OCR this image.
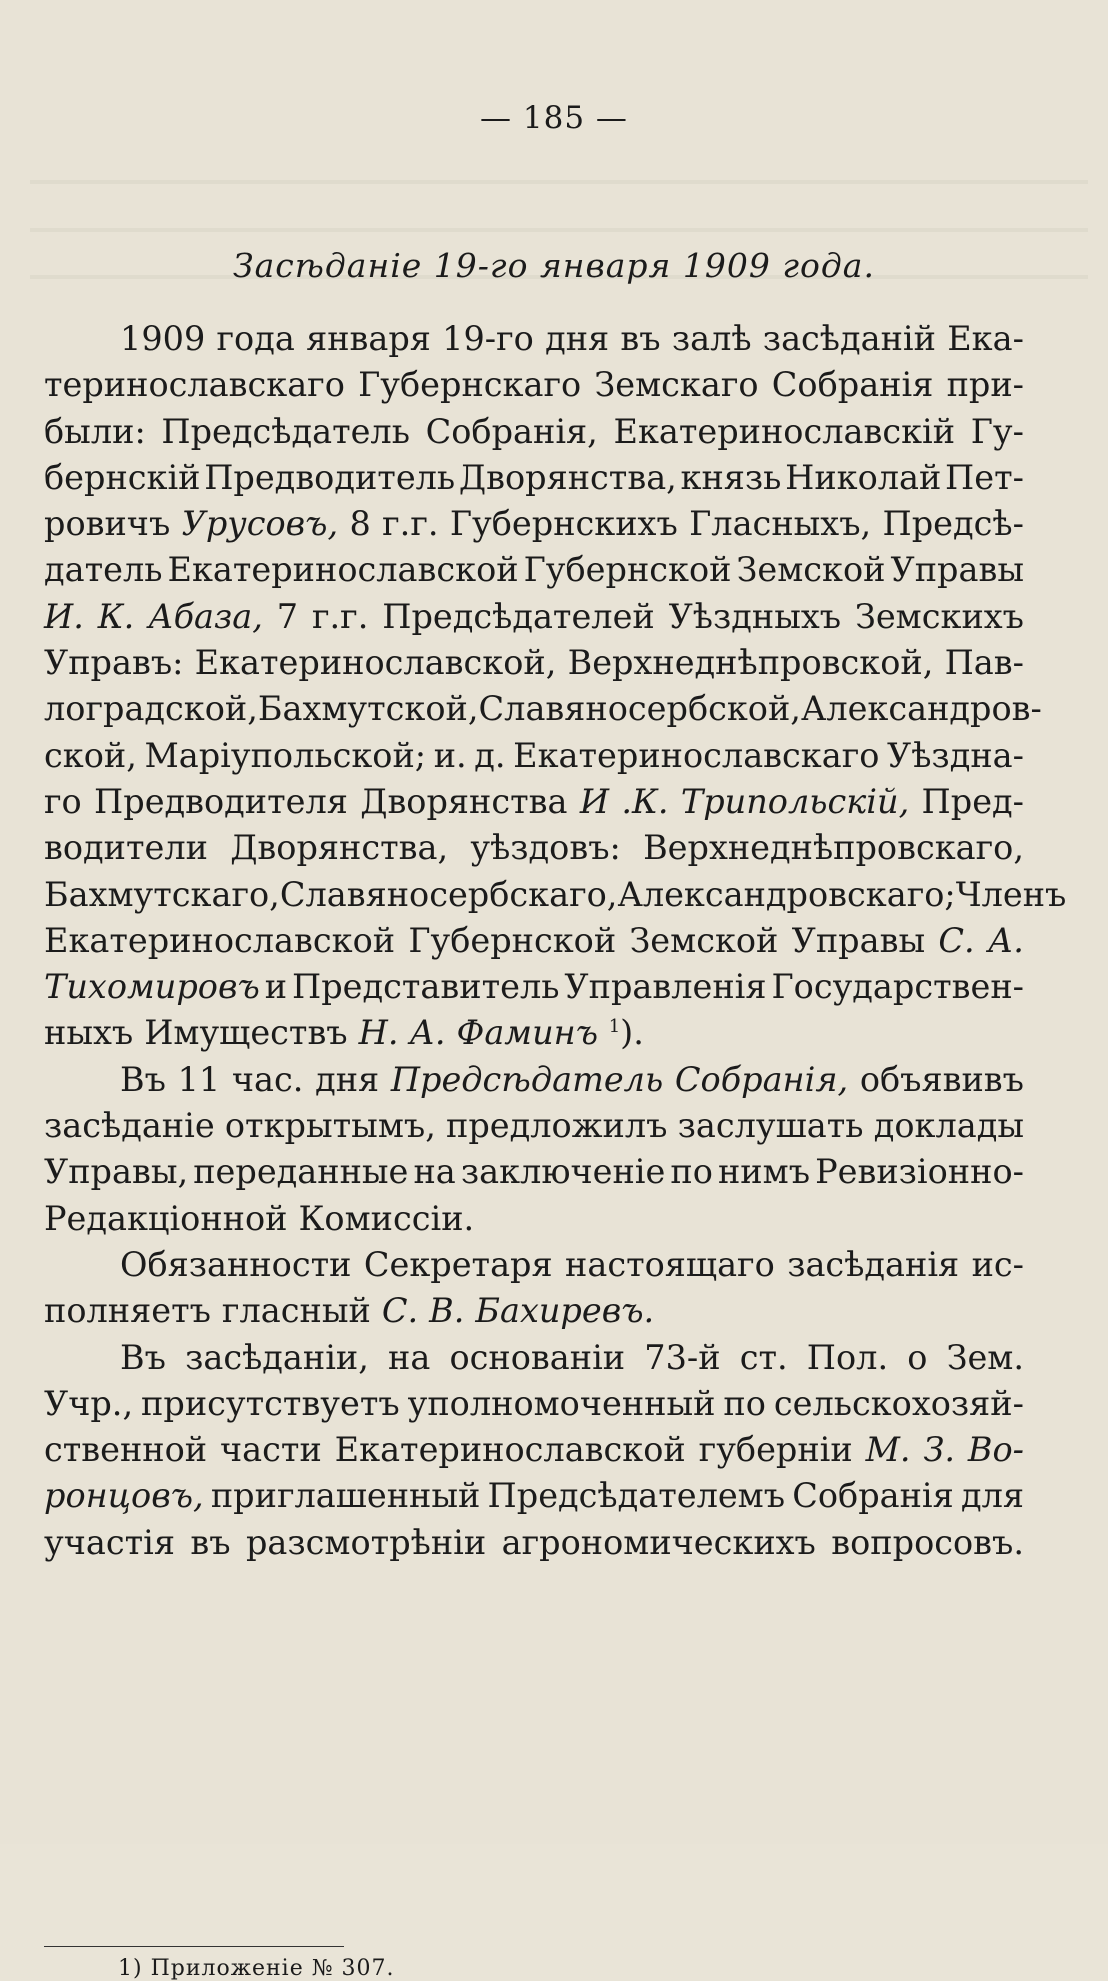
— 185 —
Засѣданіе 19-го января 1909 года.
1909 года января 19-го дня въ залѣ засѣданій Ека-
теринославскаго Губернскаго Земскаго Собранія при-
были: Предсѣдатель Собранія, Екатеринославскій Гу-
бернскій Предводитель Дворянства, князь Николай Пет-
ровичъ Урусовъ, 8 г.г. Губернскихъ Гласныхъ, Предсѣ-
датель Екатеринославской Губернской Земской Управы
И. К. Абаза, 7 г.г. Предсѣдателей Уѣздныхъ Земскихъ
Управъ: Екатеринославской, Верхнеднѣпровской, Пав-
лоградской, Бахмутской, Славяносербской, Александров-
ской, Маріупольской; и. д. Екатеринославскаго Уѣздна-
го Предводителя Дворянства И .К. Трипольскій, Пред-
водители Дворянства, уѣздовъ: Верхнеднѣпровскаго,
Бахмутскаго, Славяносербскаго, Александровскаго; Членъ
Екатеринославской Губернской Земской Управы С. А.
Тихомировъ и Представитель Управленія Государствен-
ныхъ Имуществъ Н. А. Фаминъ $^1$).
Въ 11 час. дня Предсѣдатель Собранія, объявивъ
засѣданіе открытымъ, предложилъ заслушать доклады
Управы, переданные на заключеніе по нимъ Ревизіонно-
Редакціонной Комиссіи.
Обязанности Секретаря настоящаго засѣданія ис-
полняетъ гласный С. В. Бахиревъ.
Въ засѣданіи, на основаніи 73-й ст. Пол. о Зем.
Учр., присутствуетъ уполномоченный по сельскохозяй-
ственной части Екатеринославской губерніи М. З. Во-
ронцовъ, приглашенный Предсѣдателемъ Собранія для
участія въ разсмотрѣніи агрономическихъ вопросовъ.
1) Приложеніе № 307.
